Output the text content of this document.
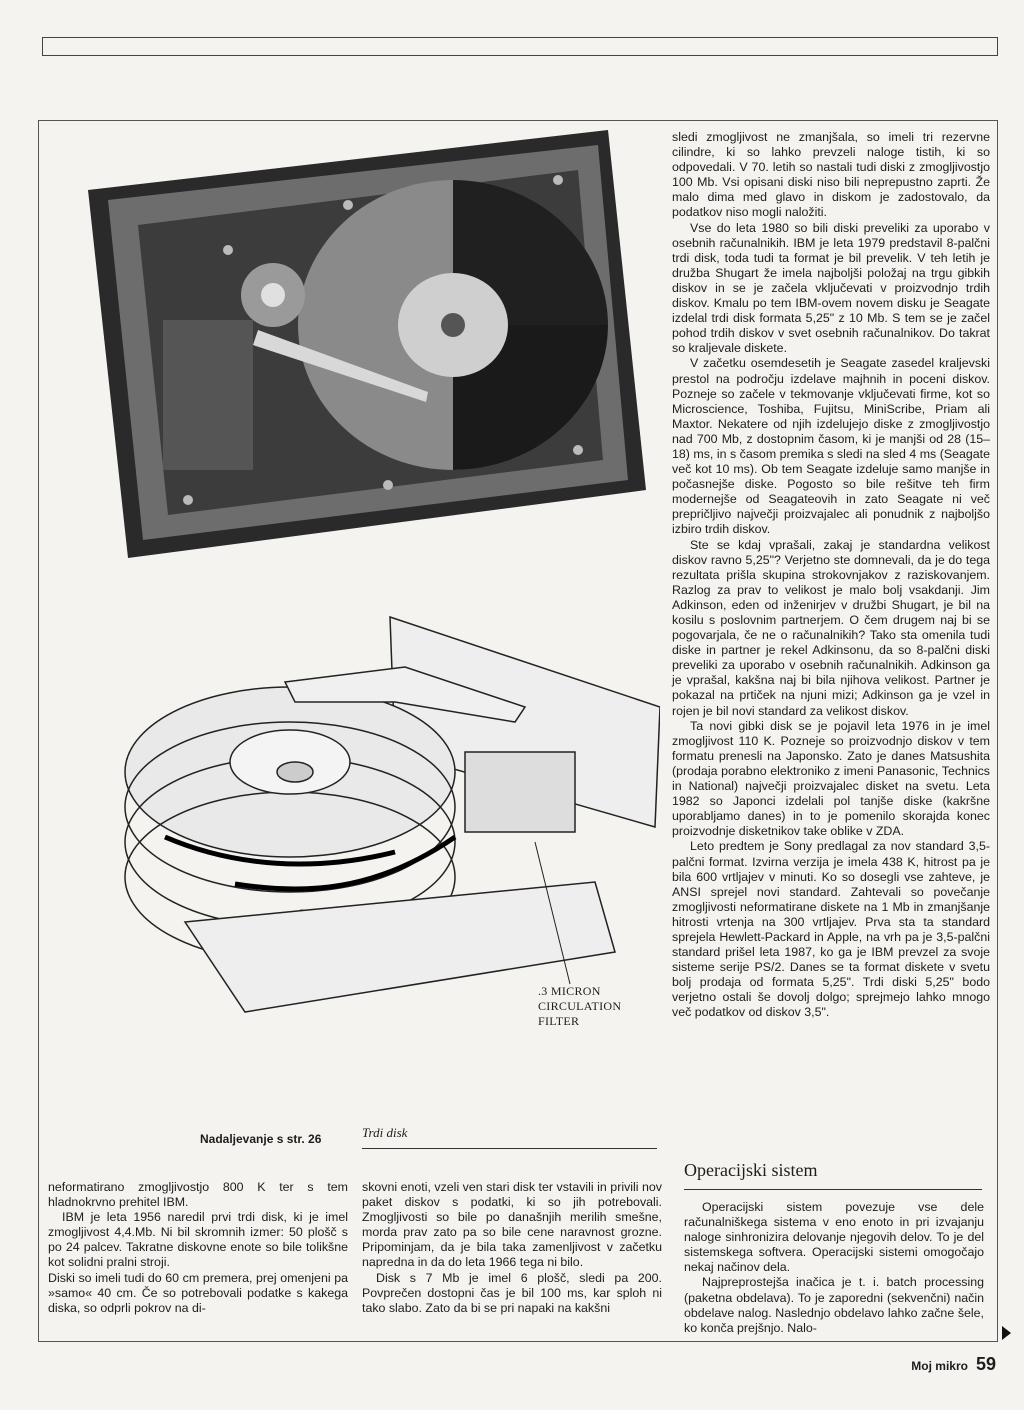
.3 MICRON CIRCULATION FILTER
Nadaljevanje s str. 26	Trdi disk

sledi zmogljivost ne zmanjšala, so imeli tri rezervne cilindre, ki so lahko prevzeli naloge tistih, ki so odpovedali. V 70. letih so nastali tudi diski z zmogljivostjo 100 Mb. Vsi opisani diski niso bili neprepustno zaprti. Že malo dima med glavo in diskom je zadostovalo, da podatkov niso mogli naložiti.

Vse do leta 1980 so bili diski preveliki za uporabo v osebnih računalnikih. IBM je leta 1979 predstavil 8-palčni trdi disk, toda tudi ta format je bil prevelik. V teh letih je družba Shugart že imela najboljši položaj na trgu gibkih diskov in se je začela vključevati v proizvodnjo trdih diskov. Kmalu po tem IBM-ovem novem disku je Seagate izdelal trdi disk formata 5,25" z 10 Mb. S tem se je začel pohod trdih diskov v svet osebnih računalnikov. Do takrat so kraljevale diskete.

V začetku osemdesetih je Seagate zasedel kraljevski prestol na področju izdelave majhnih in poceni diskov. Pozneje so začele v tekmovanje vključevati firme, kot so Microscience, Toshiba, Fujitsu, MiniScribe, Priam ali Maxtor. Nekatere od njih izdelujejo diske z zmogljivostjo nad 700 Mb, z dostopnim časom, ki je manjši od 28 (15–18) ms, in s časom premika s sledi na sled 4 ms (Seagate več kot 10 ms). Ob tem Seagate izdeluje samo manjše in počasnejše diske. Pogosto so bile rešitve teh firm modernejše od Seagateovih in zato Seagate ni več prepričljivo največji proizvajalec ali ponudnik z najboljšo izbiro trdih diskov.

Ste se kdaj vprašali, zakaj je standardna velikost diskov ravno 5,25"? Verjetno ste domnevali, da je do tega rezultata prišla skupina strokovnjakov z raziskovanjem. Razlog za prav to velikost je malo bolj vsakdanji. Jim Adkinson, eden od inženirjev v družbi Shugart, je bil na kosilu s poslovnim partnerjem. O čem drugem naj bi se pogovarjala, če ne o računalnikih? Tako sta omenila tudi diske in partner je rekel Adkinsonu, da so 8-palčni diski preveliki za uporabo v osebnih računalnikih. Adkinson ga je vprašal, kakšna naj bi bila njihova velikost. Partner je pokazal na prtiček na njuni mizi; Adkinson ga je vzel in rojen je bil novi standard za velikost diskov.

Ta novi gibki disk se je pojavil leta 1976 in je imel zmogljivost 110 K. Pozneje so proizvodnjo diskov v tem formatu prenesli na Japonsko. Zato je danes Matsushita (prodaja porabno elektroniko z imeni Panasonic, Technics in National) največji proizvajalec disket na svetu. Leta 1982 so Japonci izdelali pol tanjše diske (kakršne uporabljamo danes) in to je pomenilo skorajda konec proizvodnje disketnikov take oblike v ZDA.

Leto predtem je Sony predlagal za nov standard 3,5-palčni format. Izvirna verzija je imela 438 K, hitrost pa je bila 600 vrtljajev v minuti. Ko so dosegli vse zahteve, je ANSI sprejel novi standard. Zahtevali so povečanje zmogljivosti neformatirane diskete na 1 Mb in zmanjšanje hitrosti vrtenja na 300 vrtljajev. Prva sta ta standard sprejela Hewlett-Packard in Apple, na vrh pa je 3,5-palčni standard prišel leta 1987, ko ga je IBM prevzel za svoje sisteme serije PS/2. Danes se ta format diskete v svetu bolj prodaja od formata 5,25". Trdi diski 5,25" bodo verjetno ostali še dovolj dolgo; sprejmejo lahko mnogo več podatkov od diskov 3,5".

Operacijski sistem

Operacijski sistem povezuje vse dele računalniškega sistema v eno enoto in pri izvajanju naloge sinhronizira delovanje njegovih delov. To je del sistemskega softvera. Operacijski sistemi omogočajo nekaj načinov dela.

Najpreprostejša inačica je t. i. batch processing (paketna obdelava). To je zaporedni (sekvenčni) način obdelave nalog. Naslednjo obdelavo lahko začne šele, ko konča prejšnjo. Nalo-

neformatirano zmogljivostjo 800 K ter s tem hladnokrvno prehitel IBM.

IBM je leta 1956 naredil prvi trdi disk, ki je imel zmogljivost 4,4.Mb. Ni bil skromnih izmer: 50 plošč s po 24 palcev. Takratne diskovne enote so bile tolikšne kot solidni pralni stroji.

Diski so imeli tudi do 60 cm premera, prej omenjeni pa »samo« 40 cm. Če so potrebovali podatke s kakega diska, so odprli pokrov na di-

skovni enoti, vzeli ven stari disk ter vstavili in privili nov paket diskov s podatki, ki so jih potrebovali. Zmogljivosti so bile po današnjih merilih smešne, morda prav zato pa so bile cene naravnost grozne. Pripominjam, da je bila taka zamenljivost v začetku napredna in da do leta 1966 tega ni bilo.

Disk s 7 Mb je imel 6 plošč, sledi pa 200. Povprečen dostopni čas je bil 100 ms, kar sploh ni tako slabo. Zato da bi se pri napaki na kakšni

Moj mikro 59
